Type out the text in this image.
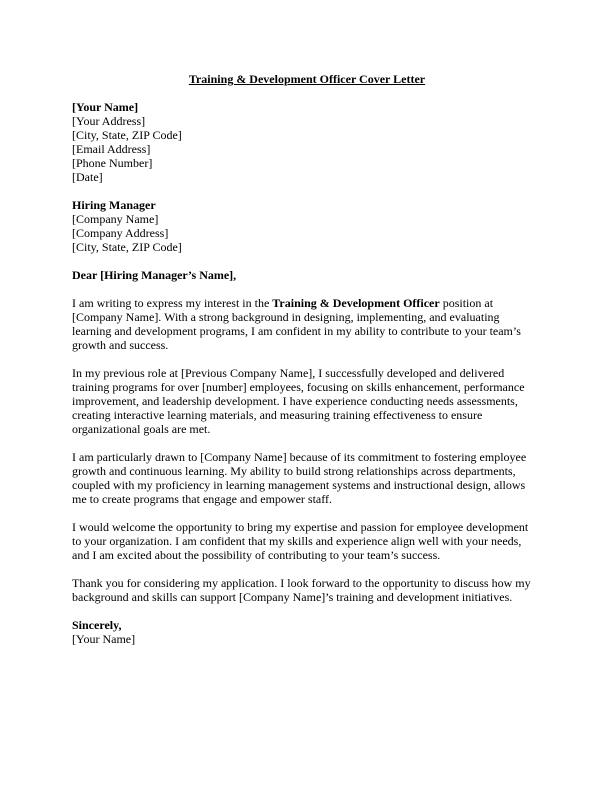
Training & Development Officer Cover Letter
[Your Name]
[Your Address]
[City, State, ZIP Code]
[Email Address]
[Phone Number]
[Date]
Hiring Manager
[Company Name]
[Company Address]
[City, State, ZIP Code]

Dear [Hiring Manager’s Name],

I am writing to express my interest in the Training & Development Officer position at
[Company Name]. With a strong background in designing, implementing, and evaluating
learning and development programs, I am confident in my ability to contribute to your team’s
growth and success.

In my previous role at [Previous Company Name], I successfully developed and delivered
training programs for over [number] employees, focusing on skills enhancement, performance
improvement, and leadership development. I have experience conducting needs assessments,
creating interactive learning materials, and measuring training effectiveness to ensure
organizational goals are met.

I am particularly drawn to [Company Name] because of its commitment to fostering employee
growth and continuous learning. My ability to build strong relationships across departments,
coupled with my proficiency in learning management systems and instructional design, allows
me to create programs that engage and empower staff.

I would welcome the opportunity to bring my expertise and passion for employee development
to your organization. I am confident that my skills and experience align well with your needs,
and I am excited about the possibility of contributing to your team’s success.

Thank you for considering my application. I look forward to the opportunity to discuss how my
background and skills can support [Company Name]’s training and development initiatives.

Sincerely,
[Your Name]
